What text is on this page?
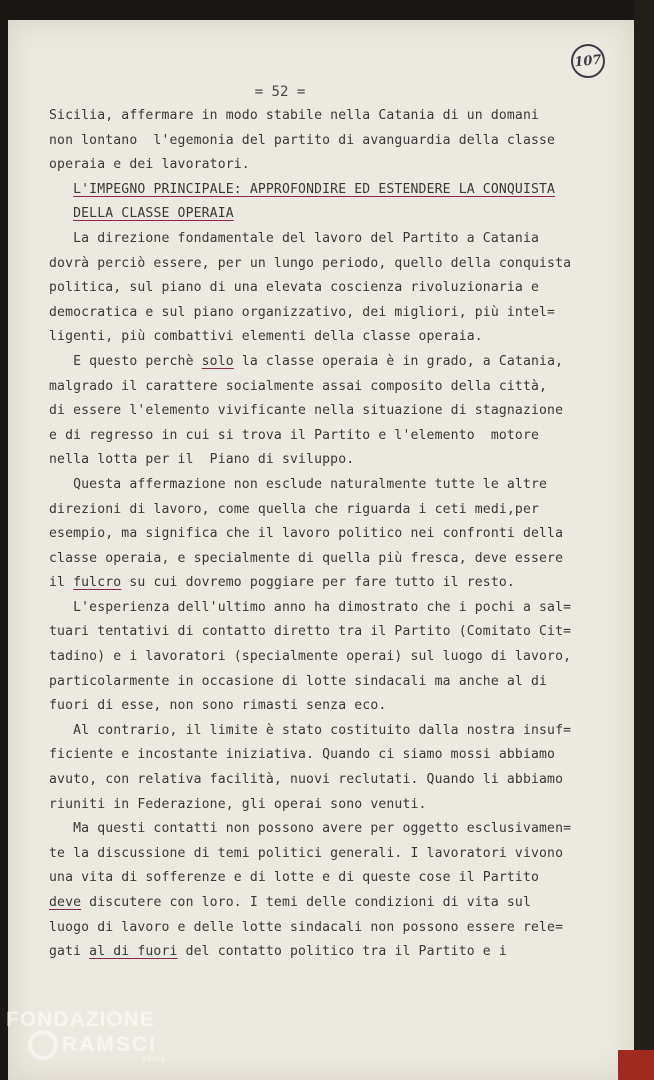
107
= 52 =
Sicilia, affermare in modo stabile nella Catania di un domani
non lontano  l'egemonia del partito di avanguardia della classe
operaia e dei lavoratori.
L'IMPEGNO PRINCIPALE: APPROFONDIRE ED ESTENDERE LA CONQUISTA
DELLA CLASSE OPERAIA
La direzione fondamentale del lavoro del Partito a Catania
dovrà perciò essere, per un lungo periodo, quello della conquista
politica, sul piano di una elevata coscienza rivoluzionaria e
democratica e sul piano organizzativo, dei migliori, più intel=
ligenti, più combattivi elementi della classe operaia.
E questo perchè solo la classe operaia è in grado, a Catania,
malgrado il carattere socialmente assai composito della città,
di essere l'elemento vivificante nella situazione di stagnazione
e di regresso in cui si trova il Partito e l'elemento  motore
nella lotta per il  Piano di sviluppo.
Questa affermazione non esclude naturalmente tutte le altre
direzioni di lavoro, come quella che riguarda i ceti medi,per
esempio, ma significa che il lavoro politico nei confronti della
classe operaia, e specialmente di quella più fresca, deve essere
il fulcro su cui dovremo poggiare per fare tutto il resto.
L'esperienza dell'ultimo anno ha dimostrato che i pochi a sal=
tuari tentativi di contatto diretto tra il Partito (Comitato Cit=
tadino) e i lavoratori (specialmente operai) sul luogo di lavoro,
particolarmente in occasione di lotte sindacali ma anche al di
fuori di esse, non sono rimasti senza eco.
Al contrario, il limite è stato costituito dalla nostra insuf=
ficiente e incostante iniziativa. Quando ci siamo mossi abbiamo
avuto, con relativa facilità, nuovi reclutati. Quando li abbiamo
riuniti in Federazione, gli operai sono venuti.
Ma questi contatti non possono avere per oggetto esclusivamen=
te la discussione di temi politici generali. I lavoratori vivono
una vita di sofferenze e di lotte e di queste cose il Partito
deve discutere con loro. I temi delle condizioni di vita sul
luogo di lavoro e delle lotte sindacali non possono essere rele=
gati al di fuori del contatto politico tra il Partito e i
FONDAZIONE
RAMSCI
onlus
